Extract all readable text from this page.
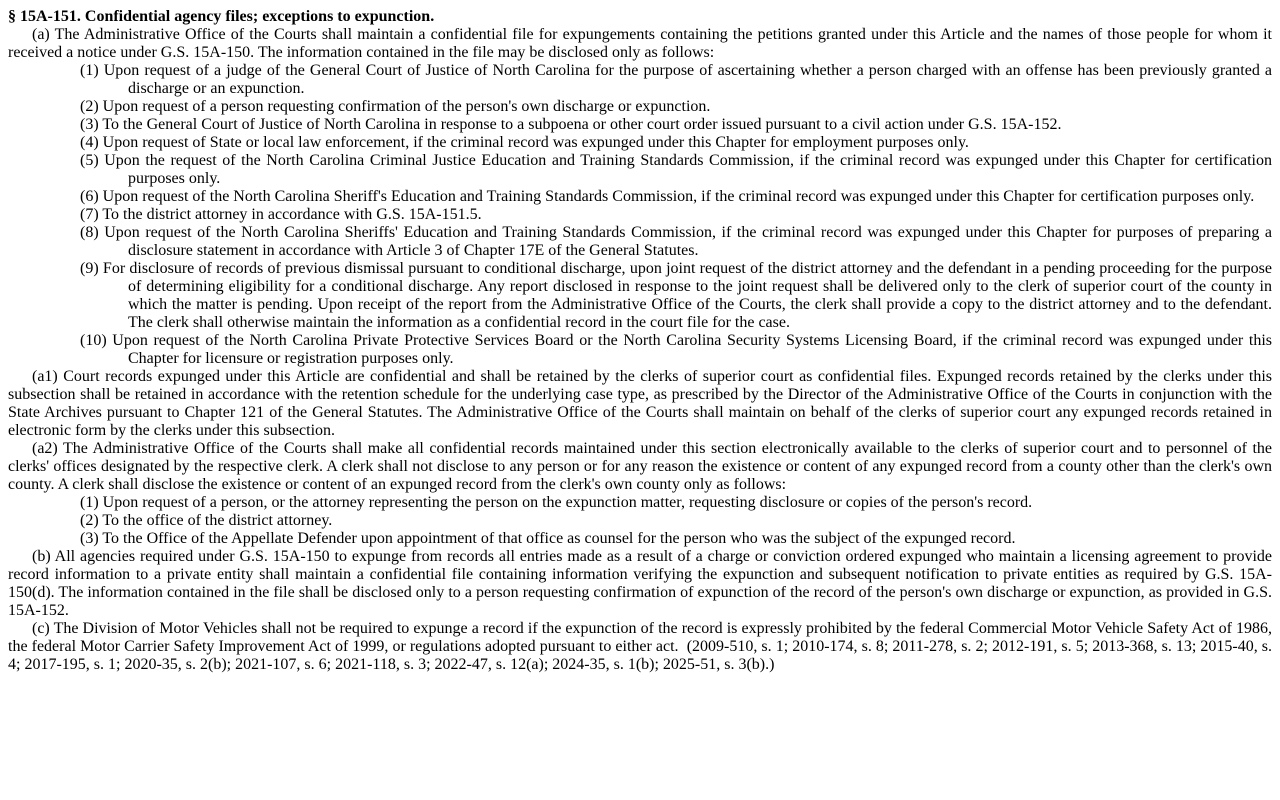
§ 15A-151. Confidential agency files; exceptions to expunction.

(a) The Administrative Office of the Courts shall maintain a confidential file for expungements containing the petitions granted under this Article and the names of those people for whom it received a notice under G.S. 15A-150. The information contained in the file may be disclosed only as follows:

(1) Upon request of a judge of the General Court of Justice of North Carolina for the purpose of ascertaining whether a person charged with an offense has been previously granted a discharge or an expunction.

(2) Upon request of a person requesting confirmation of the person's own discharge or expunction.

(3) To the General Court of Justice of North Carolina in response to a subpoena or other court order issued pursuant to a civil action under G.S. 15A-152.

(4) Upon request of State or local law enforcement, if the criminal record was expunged under this Chapter for employment purposes only.

(5) Upon the request of the North Carolina Criminal Justice Education and Training Standards Commission, if the criminal record was expunged under this Chapter for certification purposes only.

(6) Upon request of the North Carolina Sheriff's Education and Training Standards Commission, if the criminal record was expunged under this Chapter for certification purposes only.

(7) To the district attorney in accordance with G.S. 15A-151.5.

(8) Upon request of the North Carolina Sheriffs' Education and Training Standards Commission, if the criminal record was expunged under this Chapter for purposes of preparing a disclosure statement in accordance with Article 3 of Chapter 17E of the General Statutes.

(9) For disclosure of records of previous dismissal pursuant to conditional discharge, upon joint request of the district attorney and the defendant in a pending proceeding for the purpose of determining eligibility for a conditional discharge. Any report disclosed in response to the joint request shall be delivered only to the clerk of superior court of the county in which the matter is pending. Upon receipt of the report from the Administrative Office of the Courts, the clerk shall provide a copy to the district attorney and to the defendant. The clerk shall otherwise maintain the information as a confidential record in the court file for the case.

(10) Upon request of the North Carolina Private Protective Services Board or the North Carolina Security Systems Licensing Board, if the criminal record was expunged under this Chapter for licensure or registration purposes only.

(a1) Court records expunged under this Article are confidential and shall be retained by the clerks of superior court as confidential files. Expunged records retained by the clerks under this subsection shall be retained in accordance with the retention schedule for the underlying case type, as prescribed by the Director of the Administrative Office of the Courts in conjunction with the State Archives pursuant to Chapter 121 of the General Statutes. The Administrative Office of the Courts shall maintain on behalf of the clerks of superior court any expunged records retained in electronic form by the clerks under this subsection.

(a2) The Administrative Office of the Courts shall make all confidential records maintained under this section electronically available to the clerks of superior court and to personnel of the clerks' offices designated by the respective clerk. A clerk shall not disclose to any person or for any reason the existence or content of any expunged record from a county other than the clerk's own county. A clerk shall disclose the existence or content of an expunged record from the clerk's own county only as follows:

(1) Upon request of a person, or the attorney representing the person on the expunction matter, requesting disclosure or copies of the person's record.

(2) To the office of the district attorney.

(3) To the Office of the Appellate Defender upon appointment of that office as counsel for the person who was the subject of the expunged record.

(b) All agencies required under G.S. 15A-150 to expunge from records all entries made as a result of a charge or conviction ordered expunged who maintain a licensing agreement to provide record information to a private entity shall maintain a confidential file containing information verifying the expunction and subsequent notification to private entities as required by G.S. 15A-150(d). The information contained in the file shall be disclosed only to a person requesting confirmation of expunction of the record of the person's own discharge or expunction, as provided in G.S. 15A-152.

(c) The Division of Motor Vehicles shall not be required to expunge a record if the expunction of the record is expressly prohibited by the federal Commercial Motor Vehicle Safety Act of 1986, the federal Motor Carrier Safety Improvement Act of 1999, or regulations adopted pursuant to either act. (2009-510, s. 1; 2010-174, s. 8; 2011-278, s. 2; 2012-191, s. 5; 2013-368, s. 13; 2015-40, s. 4; 2017-195, s. 1; 2020-35, s. 2(b); 2021-107, s. 6; 2021-118, s. 3; 2022-47, s. 12(a); 2024-35, s. 1(b); 2025-51, s. 3(b).)
